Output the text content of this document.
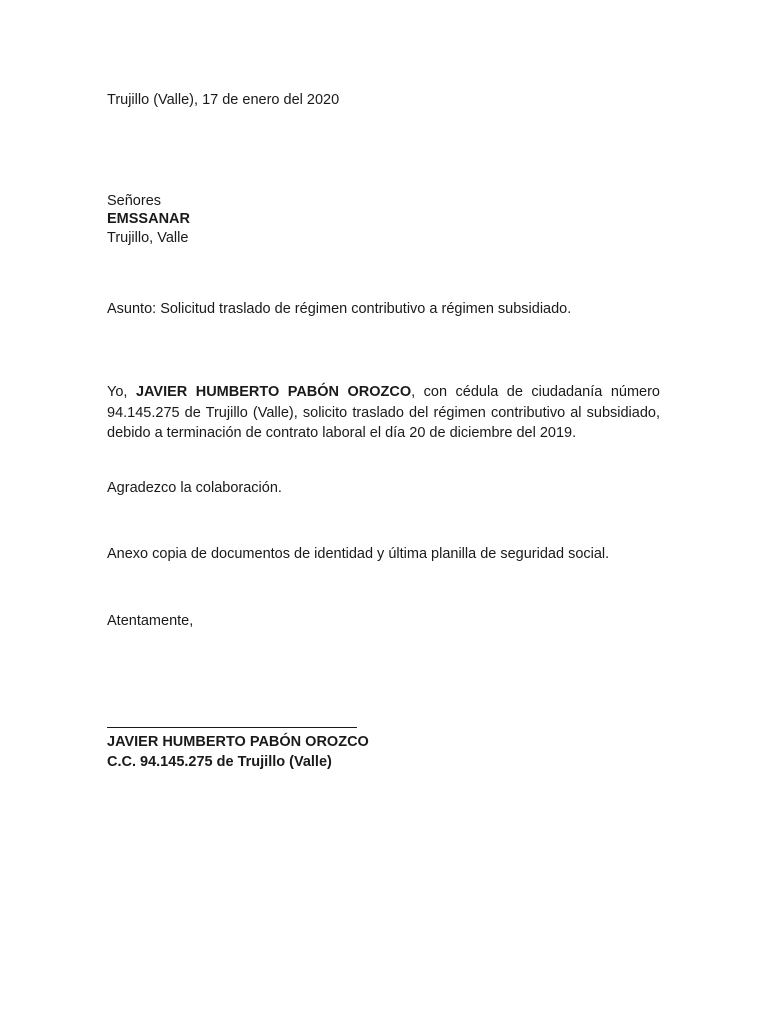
Trujillo (Valle), 17 de enero del 2020
Señores
EMSSANAR
Trujillo, Valle
Asunto: Solicitud traslado de régimen contributivo a régimen subsidiado.
Yo, JAVIER HUMBERTO PABÓN OROZCO, con cédula de ciudadanía número 94.145.275 de Trujillo (Valle), solicito traslado del régimen contributivo al subsidiado, debido a terminación de contrato laboral el día 20 de diciembre del 2019.
Agradezco la colaboración.
Anexo copia de documentos de identidad y última planilla de seguridad social.
Atentamente,
JAVIER HUMBERTO PABÓN OROZCO
C.C. 94.145.275 de Trujillo (Valle)
